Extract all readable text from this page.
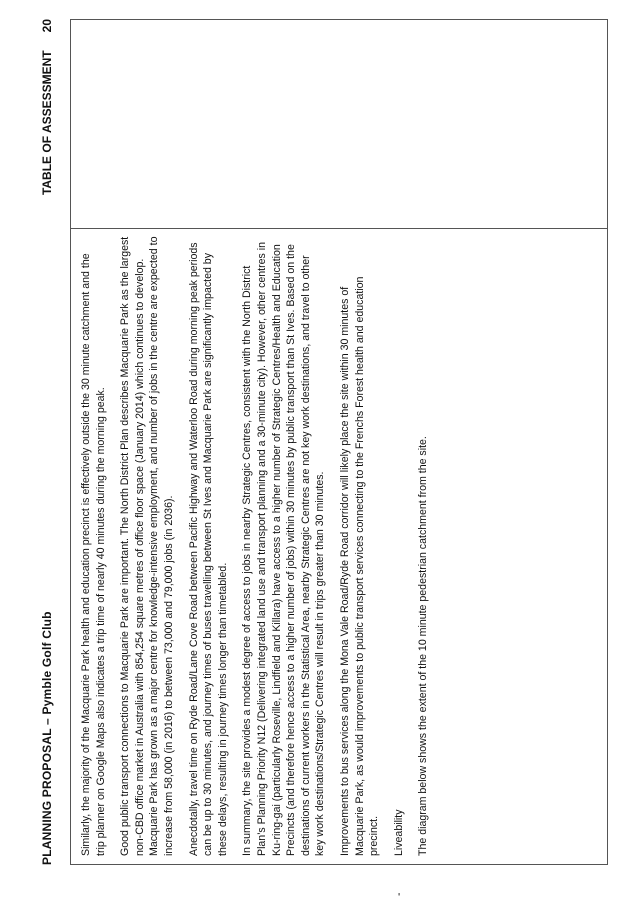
PLANNING PROPOSAL – Pymble Golf Club
TABLE OF ASSESSMENT20

Similarly, the majority of the Macquarie Park health and education precinct is effectively outside the 30 minute catchment and the trip planner on Google Maps also indicates a trip time of nearly 40 minutes during the morning peak. Good public transport connections to Macquarie Park are important. The North District Plan describes Macquarie Park as the largest non-CBD office market in Australia with 854,254 square metres of office floor space (January 2014) which continues to develop. Macquarie Park has grown as a major centre for knowledge-intensive employment, and number of jobs in the centre are expected to increase from 58,000 (in 2016) to between 73,000 and 79,000 jobs (in 2036). Anecdotally, travel time on Ryde Road/Lane Cove Road between Pacific Highway and Waterloo Road during morning peak periods can be up to 30 minutes, and journey times of buses travelling between St Ives and Macquarie Park are significantly impacted by these delays, resulting in journey times longer than timetabled. In summary, the site provides a modest degree of access to jobs in nearby Strategic Centres, consistent with the North District Plan’s Planning Priority N12 (Delivering integrated land use and transport planning and a 30-minute city). However, other centres in Ku-ring-gai (particularly Roseville, Lindfield and Killara) have access to a higher number of Strategic Centres/Health and Education Precincts (and therefore hence access to a higher number of jobs) within 30 minutes by public transport than St Ives. Based on the destinations of current workers in the Statistical Area, nearby Strategic Centres are not key work destinations, and travel to other key work destinations/Strategic Centres will result in trips greater than 30 minutes. Improvements to bus services along the Mona Vale Road/Ryde Road corridor will likely place the site within 30 minutes of Macquarie Park, as would improvements to public transport services connecting to the Frenchs Forest health and education precinct.

-
Liveability The diagram below shows the extent of the 10 minute pedestrian catchment from the site.
